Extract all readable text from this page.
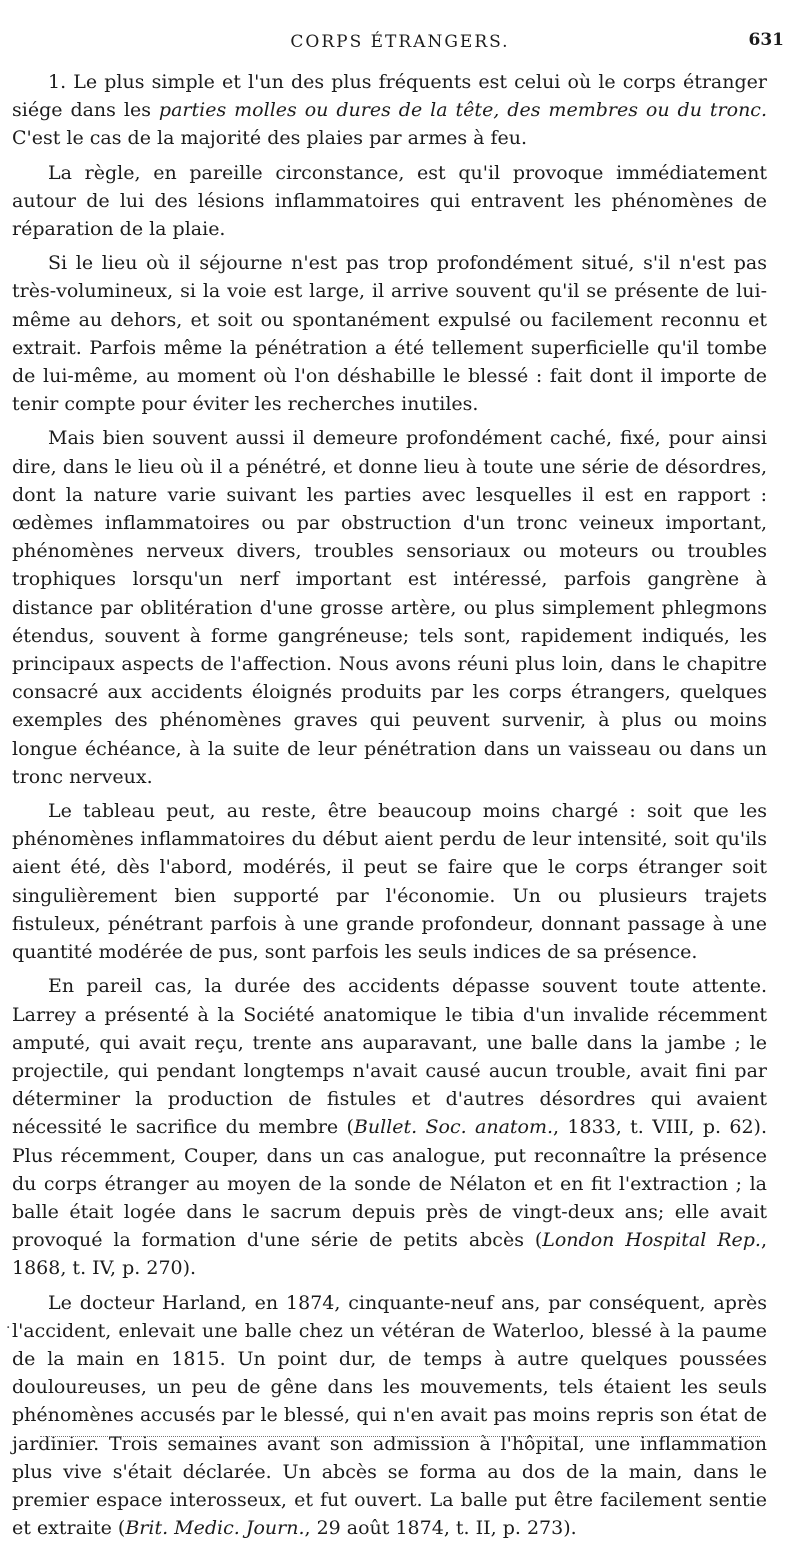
CORPS ÉTRANGERS.	631

1. Le plus simple et l'un des plus fréquents est celui où le corps étranger siége dans les parties molles ou dures de la tête, des membres ou du tronc. C'est le cas de la majorité des plaies par armes à feu.

La règle, en pareille circonstance, est qu'il provoque immédiatement autour de lui des lésions inflammatoires qui entravent les phénomènes de réparation de la plaie.

Si le lieu où il séjourne n'est pas trop profondément situé, s'il n'est pas très-volumineux, si la voie est large, il arrive souvent qu'il se présente de lui-même au dehors, et soit ou spontanément expulsé ou facilement reconnu et extrait. Parfois même la pénétration a été tellement superficielle qu'il tombe de lui-même, au moment où l'on déshabille le blessé : fait dont il importe de tenir compte pour éviter les recherches inutiles.

Mais bien souvent aussi il demeure profondément caché, fixé, pour ainsi dire, dans le lieu où il a pénétré, et donne lieu à toute une série de désordres, dont la nature varie suivant les parties avec lesquelles il est en rapport : œdèmes inflammatoires ou par obstruction d'un tronc veineux important, phénomènes nerveux divers, troubles sensoriaux ou moteurs ou troubles trophiques lorsqu'un nerf important est intéressé, parfois gangrène à distance par oblitération d'une grosse artère, ou plus simplement phlegmons étendus, souvent à forme gangréneuse; tels sont, rapidement indiqués, les principaux aspects de l'affection. Nous avons réuni plus loin, dans le chapitre consacré aux accidents éloignés produits par les corps étrangers, quelques exemples des phénomènes graves qui peuvent survenir, à plus ou moins longue échéance, à la suite de leur pénétration dans un vaisseau ou dans un tronc nerveux.

Le tableau peut, au reste, être beaucoup moins chargé : soit que les phénomènes inflammatoires du début aient perdu de leur intensité, soit qu'ils aient été, dès l'abord, modérés, il peut se faire que le corps étranger soit singulièrement bien supporté par l'économie. Un ou plusieurs trajets fistuleux, pénétrant parfois à une grande profondeur, donnant passage à une quantité modérée de pus, sont parfois les seuls indices de sa présence.

En pareil cas, la durée des accidents dépasse souvent toute attente. Larrey a présenté à la Société anatomique le tibia d'un invalide récemment amputé, qui avait reçu, trente ans auparavant, une balle dans la jambe ; le projectile, qui pendant longtemps n'avait causé aucun trouble, avait fini par déterminer la production de fistules et d'autres désordres qui avaient nécessité le sacrifice du membre (Bullet. Soc. anatom., 1833, t. VIII, p. 62). Plus récemment, Couper, dans un cas analogue, put reconnaître la présence du corps étranger au moyen de la sonde de Nélaton et en fit l'extraction ; la balle était logée dans le sacrum depuis près de vingt-deux ans; elle avait provoqué la formation d'une série de petits abcès (London Hospital Rep., 1868, t. IV, p. 270).

Le docteur Harland, en 1874, cinquante-neuf ans, par conséquent, après l'accident, enlevait une balle chez un vétéran de Waterloo, blessé à la paume de la main en 1815. Un point dur, de temps à autre quelques poussées douloureuses, un peu de gêne dans les mouvements, tels étaient les seuls phénomènes accusés par le blessé, qui n'en avait pas moins repris son état de jardinier. Trois semaines avant son admission à l'hôpital, une inflammation plus vive s'était déclarée. Un abcès se forma au dos de la main, dans le premier espace interosseux, et fut ouvert. La balle put être facilement sentie et extraite (Brit. Medic. Journ., 29 août 1874, t. II, p. 273).

·
